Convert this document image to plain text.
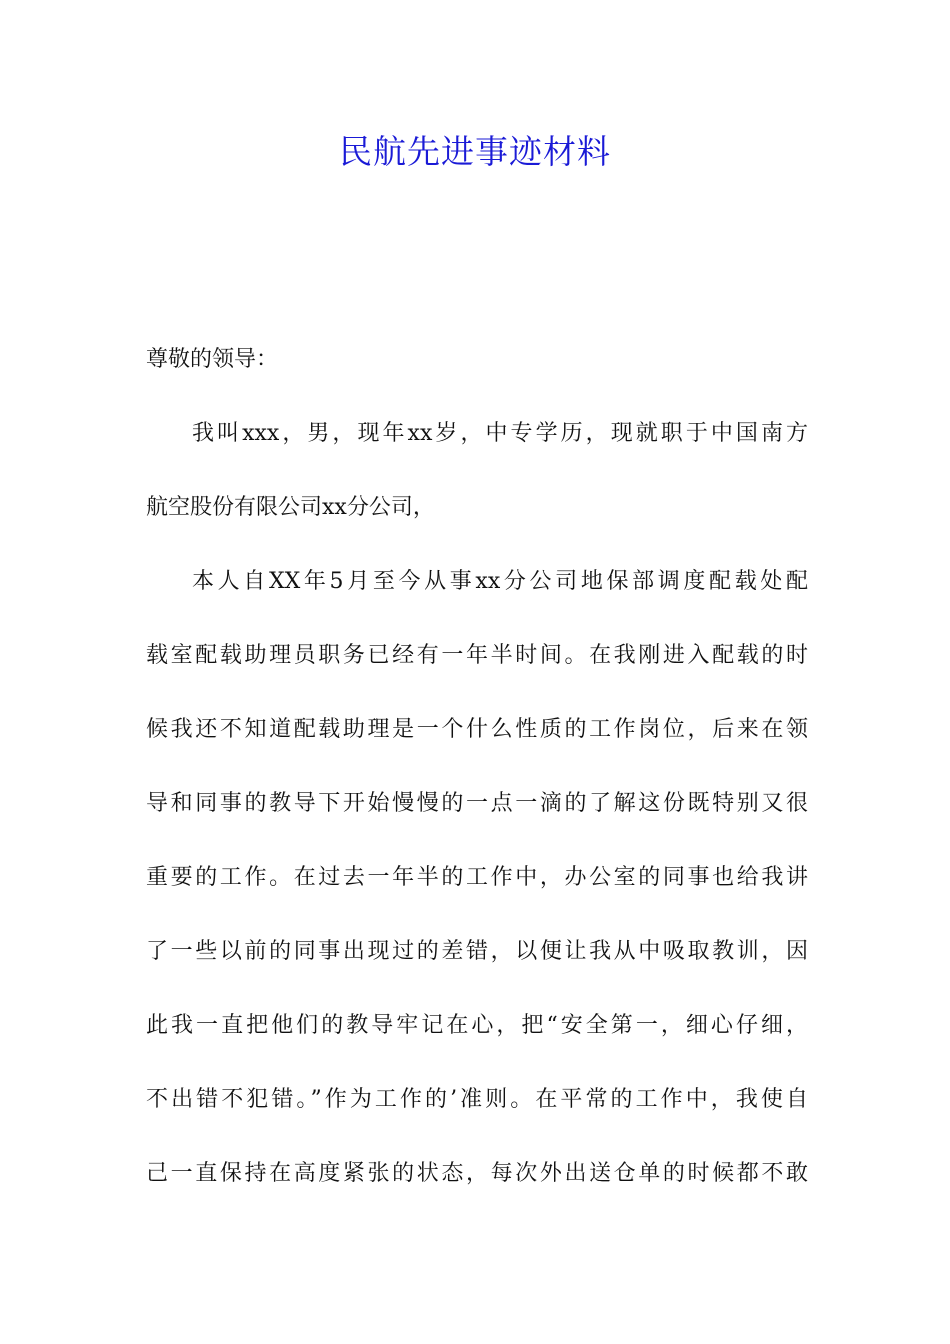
民航先进事迹材料
尊敬的领导：
我叫xxx，男，现年xx岁，中专学历，现就职于中国南方
航空股份有限公司xx分公司，
本人自XX年5月至今从事xx分公司地保部调度配载处配
载室配载助理员职务已经有一年半时间。在我刚进入配载的时
候我还不知道配载助理是一个什么性质的工作岗位，后来在领
导和同事的教导下开始慢慢的一点一滴的了解这份既特别又很
重要的工作。在过去一年半的工作中，办公室的同事也给我讲
了一些以前的同事出现过的差错，以便让我从中吸取教训，因
此我一直把他们的教导牢记在心，把“安全第一，细心仔细，
不出错不犯错。”作为工作的’准则。在平常的工作中，我使自
己一直保持在高度紧张的状态，每次外出送仓单的时候都不敢
